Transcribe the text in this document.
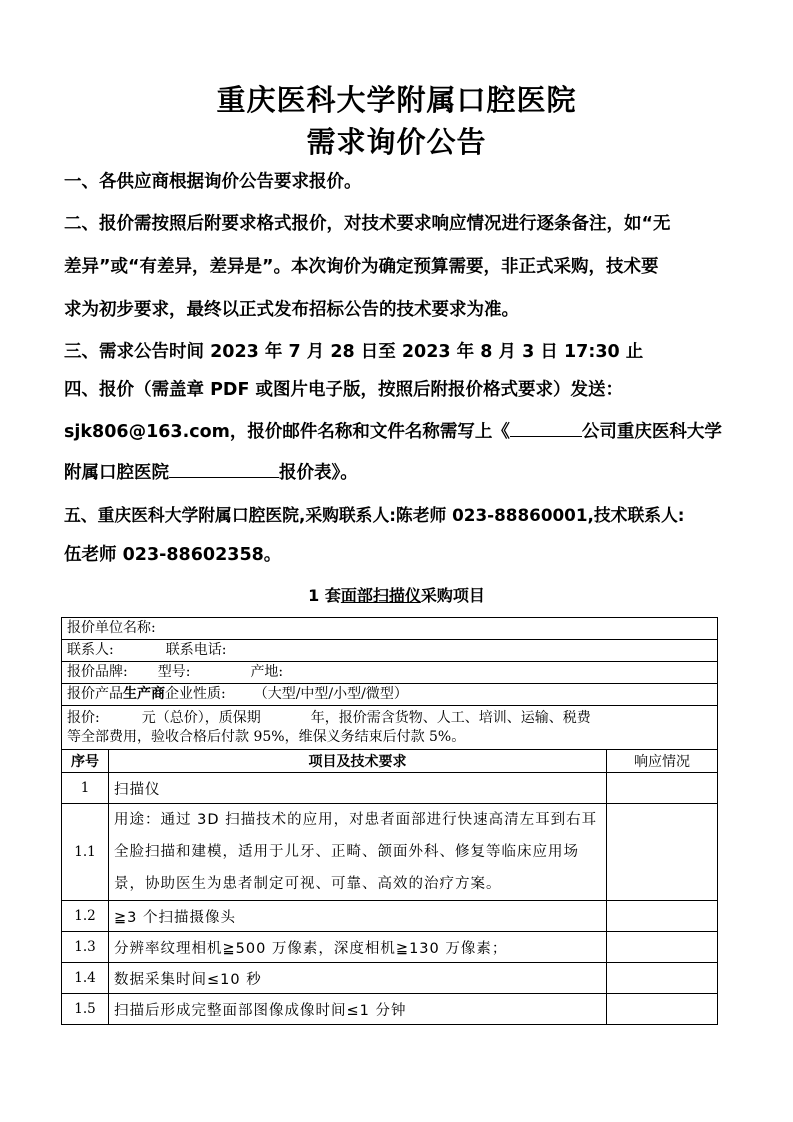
重庆医科大学附属口腔医院
需求询价公告
一、各供应商根据询价公告要求报价。
二、报价需按照后附要求格式报价，对技术要求响应情况进行逐条备注，如“无
差异”或“有差异，差异是”。本次询价为确定预算需要，非正式采购，技术要
求为初步要求，最终以正式发布招标公告的技术要求为准。
三、需求公告时间 2023 年 7 月 28 日至 2023 年 8 月 3 日 17:30 止
四、报价（需盖章 PDF 或图片电子版，按照后附报价格式要求）发送：
sjk806@163.com，报价邮件名称和文件名称需写上《	公司重庆医科大学
附属口腔医院	报价表》。
五、重庆医科大学附属口腔医院,采购联系人:陈老师 023-88860001,技术联系人:
伍老师 023-88602358。
1 套面部扫描仪采购项目
报价单位名称:		
联系人: 联系电话:		
报价品牌: 型号: 产地:		
报价产品生产商企业性质: （大型/中型/小型/微型）		

报价: 元（总价），质保期 年，报价需含货物、人工、培训、运输、税费
等全部费用，验收合格后付款 95%，维保义务结束后付款 5%。		

序号	项目及技术要求	响应情况
1	扫描仪	
1.1	用途：通过 3D 扫描技术的应用，对患者面部进行快速高清左耳到右耳
全脸扫描和建模，适用于儿牙、正畸、颌面外科、修复等临床应用场
景，协助医生为患者制定可视、可靠、高效的治疗方案。	

1.2	≧3 个扫描摄像头	
1.3	分辨率纹理相机≧500 万像素，深度相机≧130 万像素；	
1.4	数据采集时间≤10 秒	
1.5	扫描后形成完整面部图像成像时间≤1 分钟	
